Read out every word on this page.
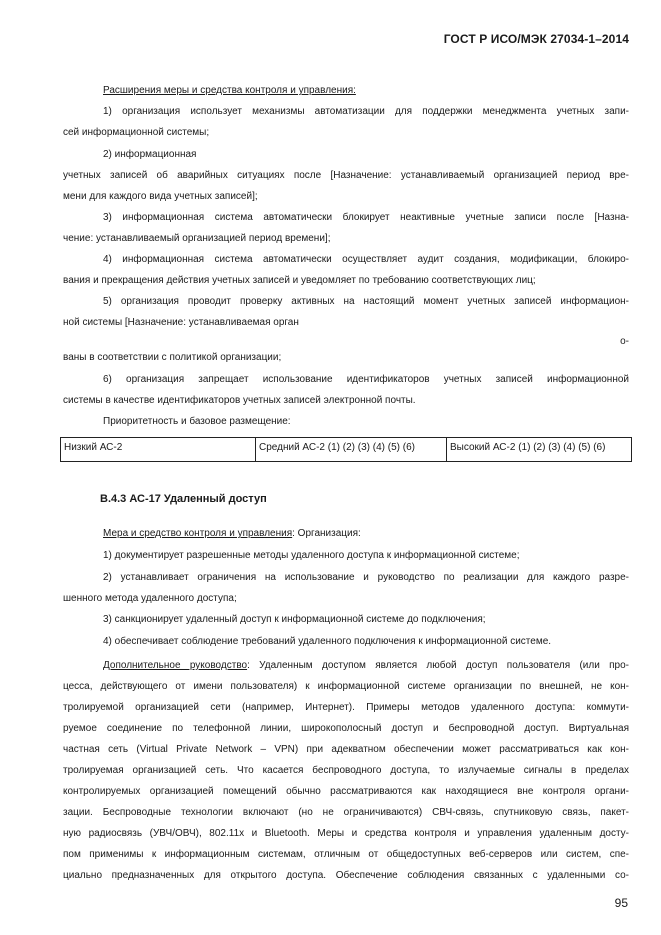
ГОСТ Р ИСО/МЭК 27034-1–2014
Расширения меры и средства контроля и управления:
1) организация использует механизмы автоматизации для поддержки менеджмента учетных запи-
сей информационной системы;
2) информационная
учетных записей об аварийных ситуациях после [Назначение: устанавливаемый организацией период вре-
мени для каждого вида учетных записей];
3) информационная система автоматически блокирует неактивные учетные записи после [Назна-
чение: устанавливаемый организацией период времени];
4) информационная система автоматически осуществляет аудит создания, модификации, блокиро-
вания и прекращения действия учетных записей и уведомляет по требованию соответствующих лиц;
5) организация проводит проверку активных на настоящий момент учетных записей информацион-
ной системы [Назначение: устанавливаемая орган
о-
ваны в соответствии с политикой организации;
6) организация запрещает использование идентификаторов учетных записей информационной
системы в качестве идентификаторов учетных записей электронной почты.
Приоритетность и базовое размещение:
Низкий АС-2	Средний АС-2 (1) (2) (3) (4) (5) (6)	Высокий АС-2 (1) (2) (3) (4) (5) (6)
В.4.3 АС-17 Удаленный доступ
Мера и средство контроля и управления: Организация:
1) документирует разрешенные методы удаленного доступа к информационной системе;
2) устанавливает ограничения на использование и руководство по реализации для каждого разре-
шенного метода удаленного доступа;
3) санкционирует удаленный доступ к информационной системе до подключения;
4) обеспечивает соблюдение требований удаленного подключения к информационной системе.
Дополнительное руководство: Удаленным доступом является любой доступ пользователя (или про-
цесса, действующего от имени пользователя) к информационной системе организации по внешней, не кон-
тролируемой организацией сети (например, Интернет). Примеры методов удаленного доступа: коммути-
руемое соединение по телефонной линии, широкополосный доступ и беспроводной доступ. Виртуальная
частная сеть (Virtual Private Network – VPN) при адекватном обеспечении может рассматриваться как кон-
тролируемая организацией сеть. Что касается беспроводного доступа, то излучаемые сигналы в пределах
контролируемых организацией помещений обычно рассматриваются как находящиеся вне контроля органи-
зации. Беспроводные технологии включают (но не ограничиваются) СВЧ-связь, спутниковую связь, пакет-
ную радиосвязь (УВЧ/ОВЧ), 802.11x и Bluetooth. Меры и средства контроля и управления удаленным досту-
пом применимы к информационным системам, отличным от общедоступных веб-серверов или систем, спе-
циально предназначенных для открытого доступа. Обеспечение соблюдения связанных с удаленными со-
95
